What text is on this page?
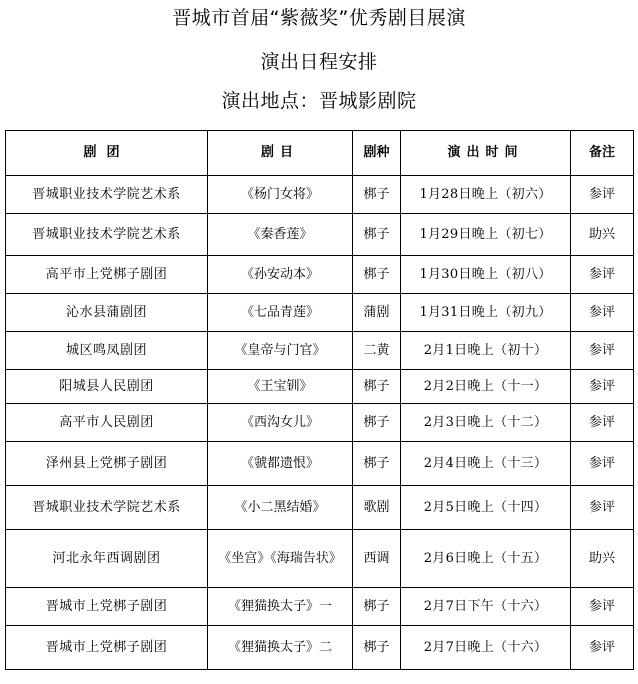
晋城市首届“紫薇奖”优秀剧目展演
演出日程安排
演出地点：晋城影剧院
剧团	剧目	剧种	演出时间	备注
晋城职业技术学院艺术系	《杨门女将》	梆子	1月28日晚上（初六）	参评
晋城职业技术学院艺术系	《秦香莲》	梆子	1月29日晚上（初七）	助兴
高平市上党梆子剧团	《孙安动本》	梆子	1月30日晚上（初八）	参评
沁水县蒲剧团	《七品青莲》	蒲剧	1月31日晚上（初九）	参评
城区鸣凤剧团	《皇帝与门官》	二黄	2月1日晚上（初十）	参评
阳城县人民剧团	《王宝钏》	梆子	2月2日晚上（十一）	参评
高平市人民剧团	《西沟女儿》	梆子	2月3日晚上（十二）	参评
泽州县上党梆子剧团	《虢都遗恨》	梆子	2月4日晚上（十三）	参评
晋城职业技术学院艺术系	《小二黑结婚》	歌剧	2月5日晚上（十四）	参评
河北永年西调剧团	《坐宫》《海瑞告状》	西调	2月6日晚上（十五）	助兴
晋城市上党梆子剧团	《狸猫换太子》一	梆子	2月7日下午（十六）	参评
晋城市上党梆子剧团	《狸猫换太子》二	梆子	2月7日晚上（十六）	参评
